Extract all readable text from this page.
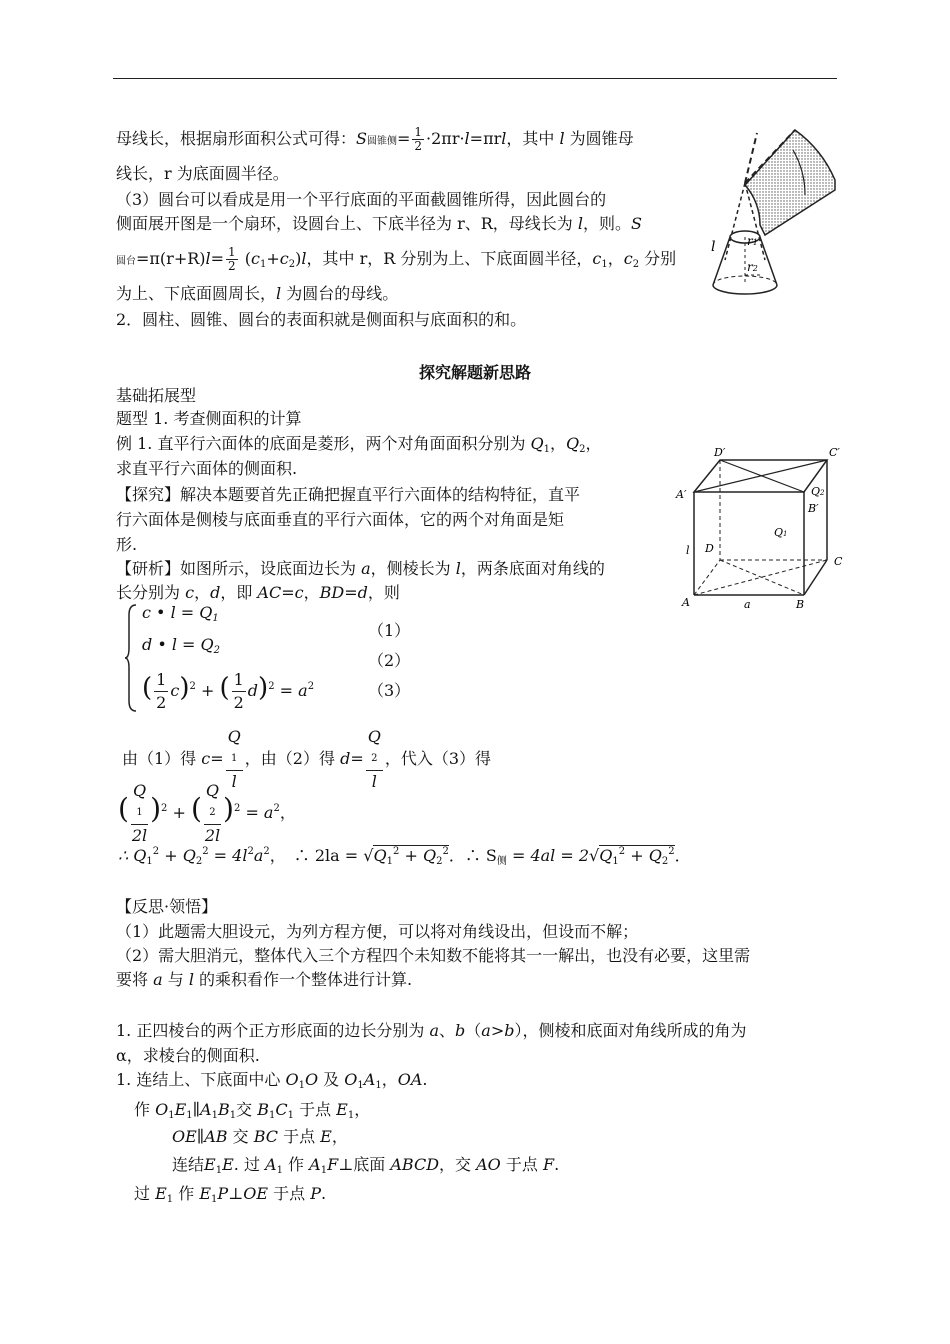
母线长，根据扇形面积公式可得：S圆锥侧= $\frac{1}{2} \cdot 2\pi r\cdot l=\pi rl$，其中 l 为圆锥母
线长，r 为底面圆半径。
（3）圆台可以看成是用一个平行底面的平面截圆锥所得，因此圆台的
侧面展开图是一个扇环，设圆台上、下底半径为 r、R，母线长为 l，则。S
圆台$=\pi(r+R)l= \frac{1}{2} (c_1+c_2)l$，其中 r，R 分别为上、下底面圆半径，$c_1$，$c_2$ 分别
为上、下底面圆周长，l 为圆台的母线。
2．圆柱、圆锥、圆台的表面积就是侧面积与底面积的和。
l	r1
r2
探究解题新思路
基础拓展型
题型 1. 考查侧面积的计算
例 1. 直平行六面体的底面是菱形，两个对角面面积分别为 $Q_1$，$Q_2$，
求直平行六面体的侧面积.
【探究】解决本题要首先正确把握直平行六面体的结构特征，直平
行六面体是侧棱与底面垂直的平行六面体，它的两个对角面是矩
形.
【研析】如图所示，设底面边长为 a，侧棱长为 l，两条底面对角线的
长分别为 c，d，即 AC=c，BD=d，则
D′	C′
A′
B′
Q2
Q1
D
l
C
A	a	B
c • $l = Q_1$
d • $l = Q_2$
( $\frac{1}{2} c)^2$ + ( $\frac{1}{2} d)^2 = a^2$
（1）
（2）
（3）
由（1）得 c= Q
1
l ，由（2）得 d= Q
2
l ，代入（3）得
( Q
1
2l )$^2$ + ( Q
2
2l )$^2 = a^2$，
∴ $Q_1^2 + Q_2^2 = 4l^2a^2$，　∴ $2la = √Q_1^2 + Q_2^2$．∴ $S_侧 = 4al = 2√Q_1^2 + Q_2^2$．
【反思·领悟】
（1）此题需大胆设元，为列方程方便，可以将对角线设出，但设而不解；
（2）需大胆消元，整体代入三个方程四个未知数不能将其一一解出，也没有必要，这里需
要将 a 与 l 的乘积看作一个整体进行计算.
1. 正四棱台的两个正方形底面的边长分别为 a、b（a>b），侧棱和底面对角线所成的角为
α，求棱台的侧面积.
1. 连结上、下底面中心 $O_1O$ 及 $O_1A_1$，OA.
作 $O_1E_1\parallel A_1B_1$交 $B_1C_1$ 于点 $E_1$，
OE∥AB 交 BC 于点 E，
连结$E_1E$. 过 $A_1$ 作 $A_1F\perp$底面 ABCD，交 AO 于点 F.
过 $E_1$ 作 $E_1P\perp OE$ 于点 P.
